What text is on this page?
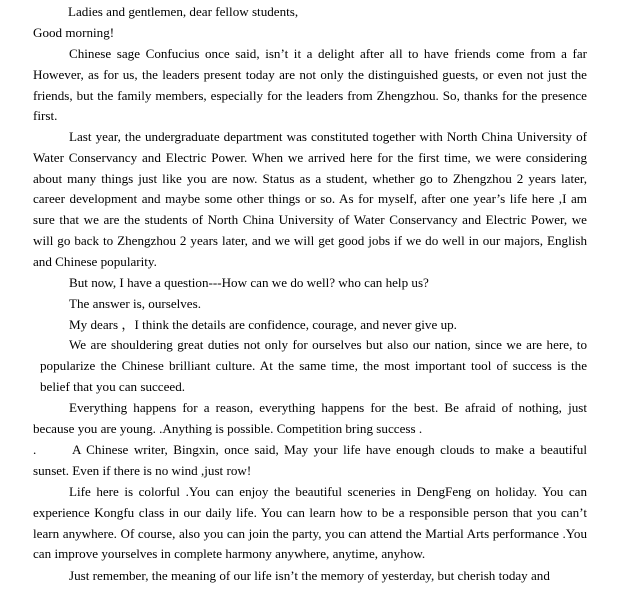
Ladies and gentlemen, dear fellow students,

Good morning!

Chinese sage Confucius once said, isn’t it a delight after all to have friends come from a far However, as for us, the leaders present today are not only the distinguished guests, or even not just the friends, but the family members, especially for the leaders from Zhengzhou. So, thanks for the presence first.

Last year, the undergraduate department was constituted together with North China University of Water Conservancy and Electric Power. When we arrived here for the first time, we were considering about many things just like you are now. Status as a student, whether go to Zhengzhou 2 years later, career development and maybe some other things or so. As for myself, after one year’s life here ,I am sure that we are the students of North China University of Water Conservancy and Electric Power, we will go back to Zhengzhou 2 years later, and we will get good jobs if we do well in our majors, English and Chinese popularity.

But now, I have a question---How can we do well? who can help us?

The answer is, ourselves.

My dears ，I think the details are confidence, courage, and never give up.

We are shouldering great duties not only for ourselves but also our nation, since we are here, to popularize the Chinese brilliant culture. At the same time, the most important tool of success is the belief that you can succeed.

Everything happens for a reason, everything happens for the best. Be afraid of nothing, just because you are young. .Anything is possible. Competition bring success .

.	A Chinese writer, Bingxin, once said, May your life have enough clouds to make a beautiful sunset. Even if there is no wind ,just row!

Life here is colorful .You can enjoy the beautiful sceneries in DengFeng on holiday. You can experience Kongfu class in our daily life. You can learn how to be a responsible person that you can’t learn anywhere. Of course, also you can join the party, you can attend the Martial Arts performance .You can improve yourselves in complete harmony anywhere, anytime, anyhow.

Just remember, the meaning of our life isn’t the memory of yesterday, but cherish today and
